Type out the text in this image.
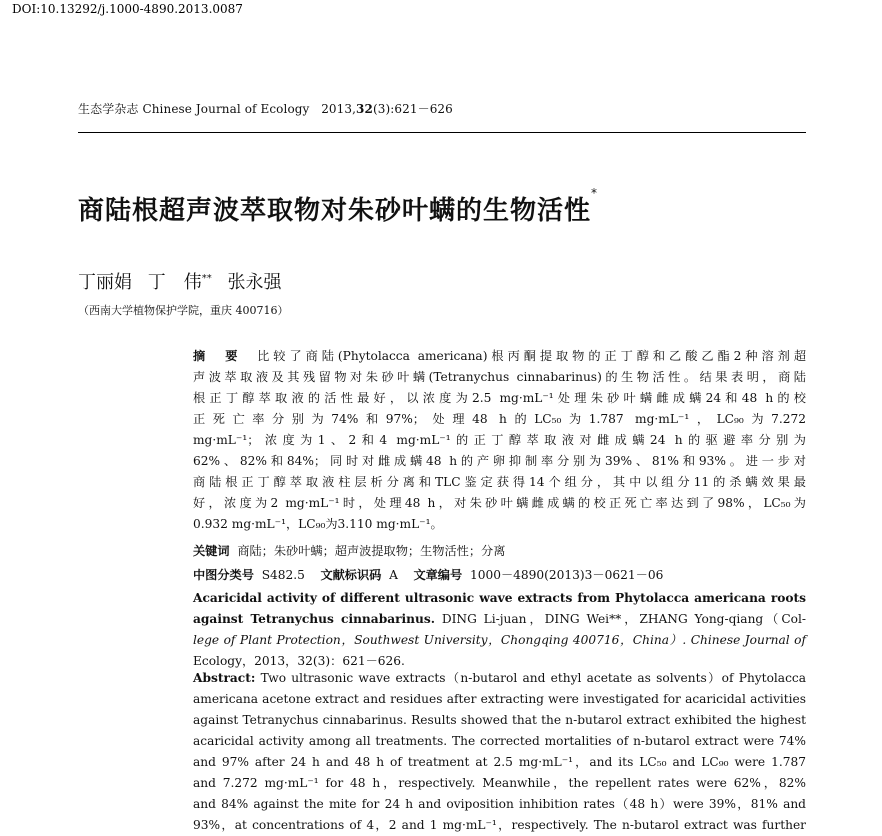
DOI:10.13292/j.1000-4890.2013.0087
生态学杂志 Chinese Journal of Ecology 2013,32(3):621－626
商陆根超声波萃取物对朱砂叶螨的生物活性*
丁丽娟 丁　伟** 张永强
（西南大学植物保护学院，重庆 400716）
摘　要 比较了商陆(Phytolacca americana)根丙酮提取物的正丁醇和乙酸乙酯2种溶剂超
声波萃取液及其残留物对朱砂叶螨(Tetranychus cinnabarinus)的生物活性。结果表明，商陆
根正丁醇萃取液的活性最好，以浓度为2.5 mg·mL⁻¹处理朱砂叶螨雌成螨24和48 h的校
正死亡率分别为74%和97%；处理48 h的LC₅₀为1.787 mg·mL⁻¹，LC₉₀为7.272
mg·mL⁻¹；浓度为1、2和4 mg·mL⁻¹的正丁醇萃取液对雌成螨24 h的驱避率分别为
62%、82%和84%；同时对雌成螨48 h的产卵抑制率分别为39%、81%和93%。进一步对
商陆根正丁醇萃取液柱层析分离和TLC鉴定获得14个组分，其中以组分11的杀螨效果最
好，浓度为2 mg·mL⁻¹时，处理48 h，对朱砂叶螨雌成螨的校正死亡率达到了98%，LC₅₀为
0.932 mg·mL⁻¹，LC₉₀为3.110 mg·mL⁻¹。
关键词 商陆；朱砂叶螨；超声波提取物；生物活性；分离
中图分类号 S482.5 文献标识码 A 文章编号 1000－4890(2013)3－0621－06
Acaricidal activity of different ultrasonic wave extracts from Phytolacca americana roots
against Tetranychus cinnabarinus. DING Li-juan，DING Wei**，ZHANG Yong-qiang（Col-
lege of Plant Protection，Southwest University，Chongqing 400716，China）. Chinese Journal of
Ecology，2013，32(3)：621－626.
Abstract: Two ultrasonic wave extracts（n-butarol and ethyl acetate as solvents）of Phytolacca
americana acetone extract and residues after extracting were investigated for acaricidal activities
against Tetranychus cinnabarinus. Results showed that the n-butarol extract exhibited the highest
acaricidal activity among all treatments. The corrected mortalities of n-butarol extract were 74%
and 97% after 24 h and 48 h of treatment at 2.5 mg·mL⁻¹，and its LC₅₀ and LC₉₀ were 1.787
and 7.272 mg·mL⁻¹ for 48 h，respectively. Meanwhile，the repellent rates were 62%，82%
and 84% against the mite for 24 h and oviposition inhibition rates（48 h）were 39%，81% and
93%，at concentrations of 4，2 and 1 mg·mL⁻¹，respectively. The n-butarol extract was further
